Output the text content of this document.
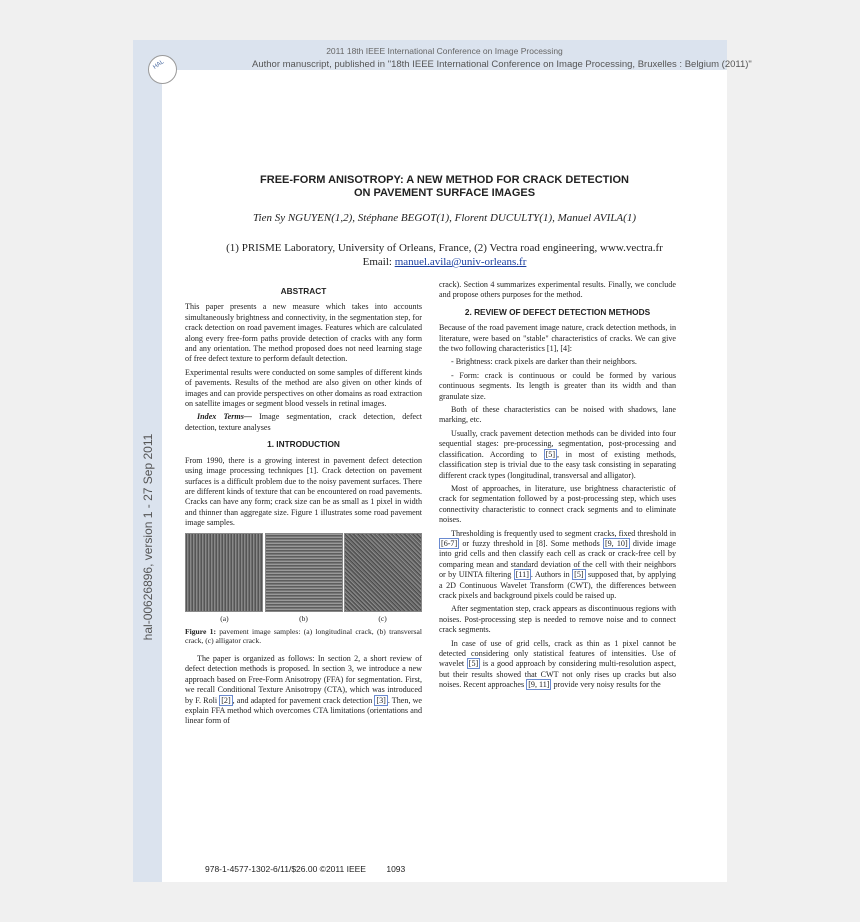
2011 18th IEEE International Conference on Image Processing
Author manuscript, published in "18th IEEE International Conference on Image Processing, Bruxelles : Belgium (2011)"
HAL
hal-00626896, version 1 - 27 Sep 2011
FREE-FORM ANISOTROPY: A NEW METHOD FOR CRACK DETECTION
ON PAVEMENT SURFACE IMAGES
Tien Sy NGUYEN(1,2), Stéphane BEGOT(1), Florent DUCULTY(1), Manuel AVILA(1)
(1) PRISME Laboratory, University of Orleans, France, (2) Vectra road engineering, www.vectra.fr
Email: manuel.avila@univ-orleans.fr
ABSTRACT

This paper presents a new measure which takes into accounts simultaneously brightness and connectivity, in the segmentation step, for crack detection on road pavement images. Features which are calculated along every free-form paths provide detection of cracks with any form and any orientation. The method proposed does not need learning stage of free defect texture to perform default detection.

Experimental results were conducted on some samples of different kinds of pavements. Results of the method are also given on other kinds of images and can provide perspectives on other domains as road extraction on satellite images or segment blood vessels in retinal images.

Index Terms— Image segmentation, crack detection, defect detection, texture analyses

1. INTRODUCTION

From 1990, there is a growing interest in pavement defect detection using image processing techniques [1]. Crack detection on pavement surfaces is a difficult problem due to the noisy pavement surfaces. There are different kinds of texture that can be encountered on road pavements. Cracks can have any form; crack size can be as small as 1 pixel in width and thinner than aggregate size. Figure 1 illustrates some road pavement image samples.

(a)	(b)	(c)
Figure 1: pavement image samples: (a) longitudinal crack, (b) transversal crack, (c) alligator crack.

The paper is organized as follows: In section 2, a short review of defect detection methods is proposed. In section 3, we introduce a new approach based on Free-Form Anisotropy (FFA) for segmentation. First, we recall Conditional Texture Anisotropy (CTA), which was introduced by F. Roli [2] , and adapted for pavement crack detection [3] . Then, we explain FFA method which overcomes CTA limitations (orientations and linear form of

crack). Section 4 summarizes experimental results. Finally, we conclude and propose others purposes for the method.

2. REVIEW OF DEFECT DETECTION METHODS

Because of the road pavement image nature, crack detection methods, in literature, were based on "stable" characteristics of cracks. We can give the two following characteristics [1], [4]:

- Brightness: crack pixels are darker than their neighbors.

- Form: crack is continuous or could be formed by various continuous segments. Its length is greater than its width and than granulate size.

Both of these characteristics can be noised with shadows, lane marking, etc.

Usually, crack pavement detection methods can be divided into four sequential stages: pre-processing, segmentation, post-processing and classification. According to [5] , in most of existing methods, classification step is trivial due to the easy task consisting in separating different crack types (longitudinal, transversal and alligator).

Most of approaches, in literature, use brightness characteristic of crack for segmentation followed by a post-processing step, which uses connectivity characteristic to connect crack segments and to eliminate noises.

Thresholding is frequently used to segment cracks, fixed threshold in [6-7] or fuzzy threshold in [8]. Some methods [9, 10] divide image into grid cells and then classify each cell as crack or crack-free cell by comparing mean and standard deviation of the cell with their neighbors or by UINTA filtering [11] . Authors in [5] supposed that, by applying a 2D Continuous Wavelet Transform (CWT), the differences between crack pixels and background pixels could be raised up.

After segmentation step, crack appears as discontinuous regions with noises. Post-processing step is needed to remove noise and to connect crack segments.

In case of use of grid cells, crack as thin as 1 pixel cannot be detected considering only statistical features of intensities. Use of wavelet [5] is a good approach by considering multi-resolution aspect, but their results showed that CWT not only rises up cracks but also noises. Recent approaches [9, 11] provide very noisy results for the

978-1-4577-1302-6/11/$26.00 ©2011 IEEE 1093
